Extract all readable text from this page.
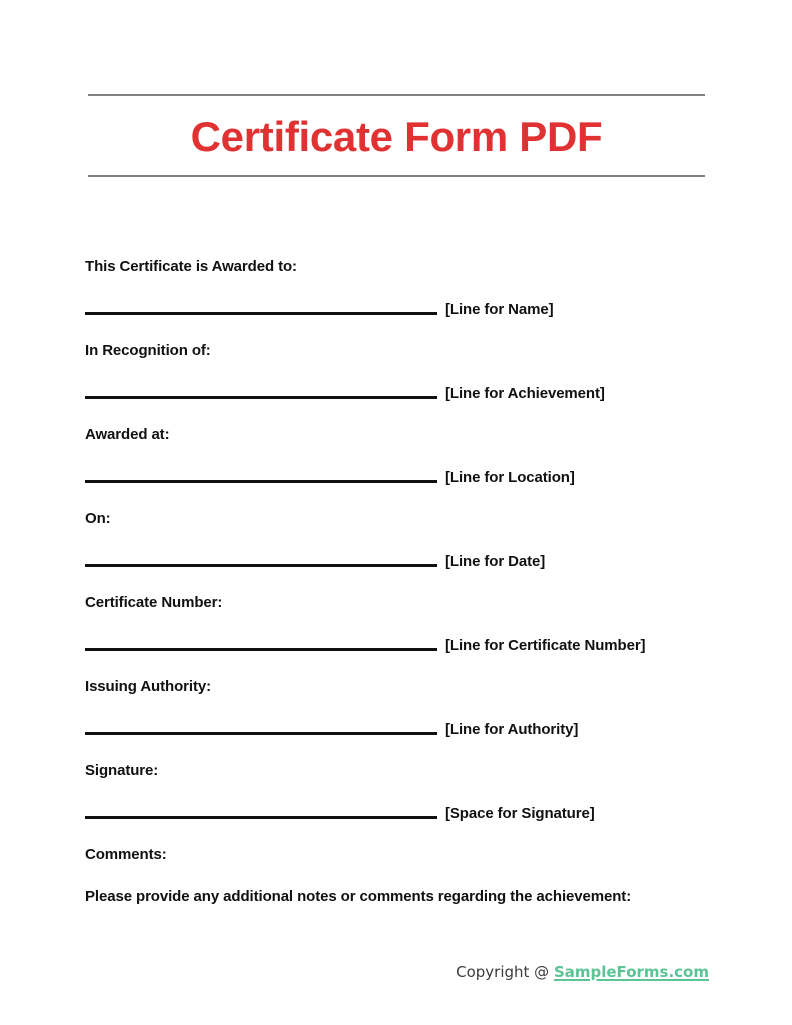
Certificate Form PDF
This Certificate is Awarded to:
[Line for Name]
In Recognition of:
[Line for Achievement]
Awarded at:
[Line for Location]
On:
[Line for Date]
Certificate Number:
[Line for Certificate Number]
Issuing Authority:
[Line for Authority]
Signature:
[Space for Signature]
Comments:
Please provide any additional notes or comments regarding the achievement:
Copyright @ SampleForms.com
